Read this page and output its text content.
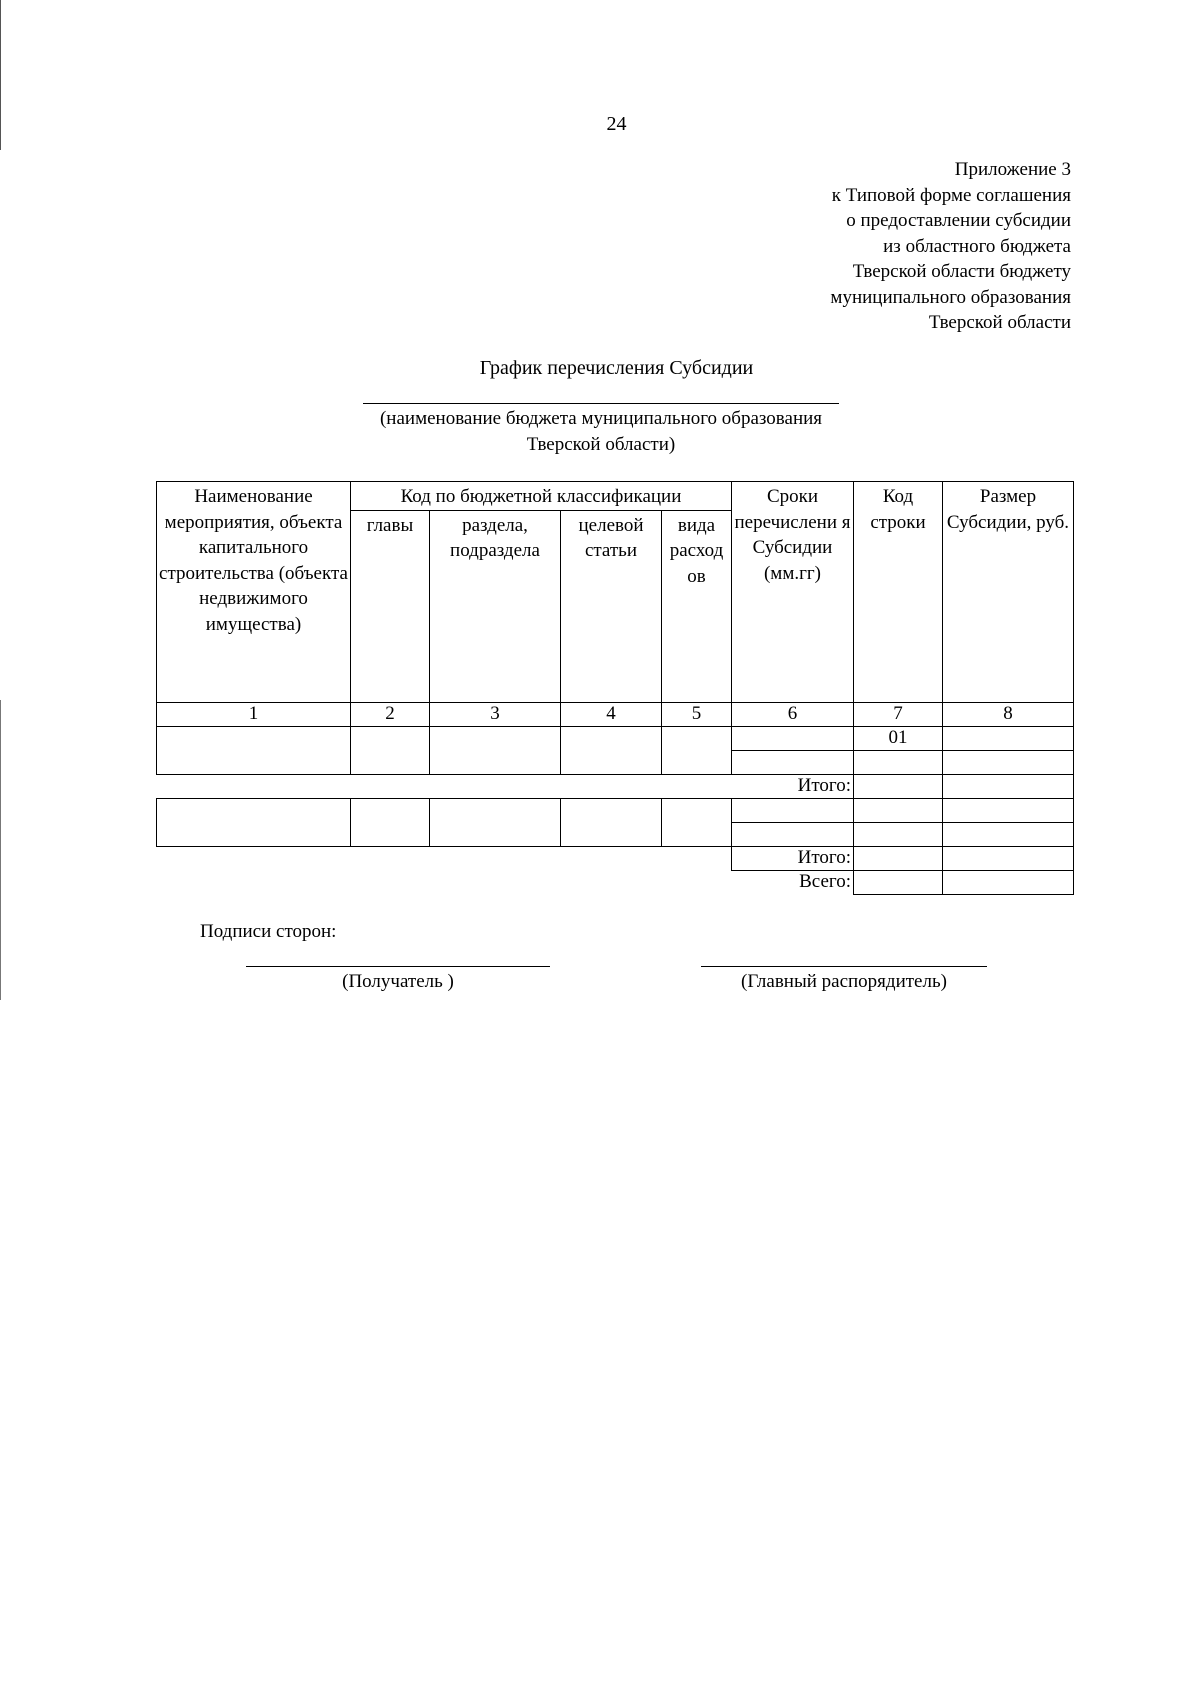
24
Приложение 3
к Типовой форме соглашения
о предоставлении субсидии
из областного бюджета
Тверской области бюджету
муниципального образования
Тверской области
График перечисления Субсидии
(наименование бюджета муниципального образования
Тверской области)
Наименование мероприятия, объекта капитального строительства (объекта недвижимого имущества)	Код по бюджетной классификации				Сроки перечислени я Субсидии (мм.гг)	Код строки	Размер Субсидии, руб.
	главы	раздела, подраздела	целевой статьи	вида расход ов			
1	2	3	4	5	6	7	8
						01	

					Итого:		

					Итого:		
					Всего:		
Подписи сторон:
(Получатель )	(Главный распорядитель)
